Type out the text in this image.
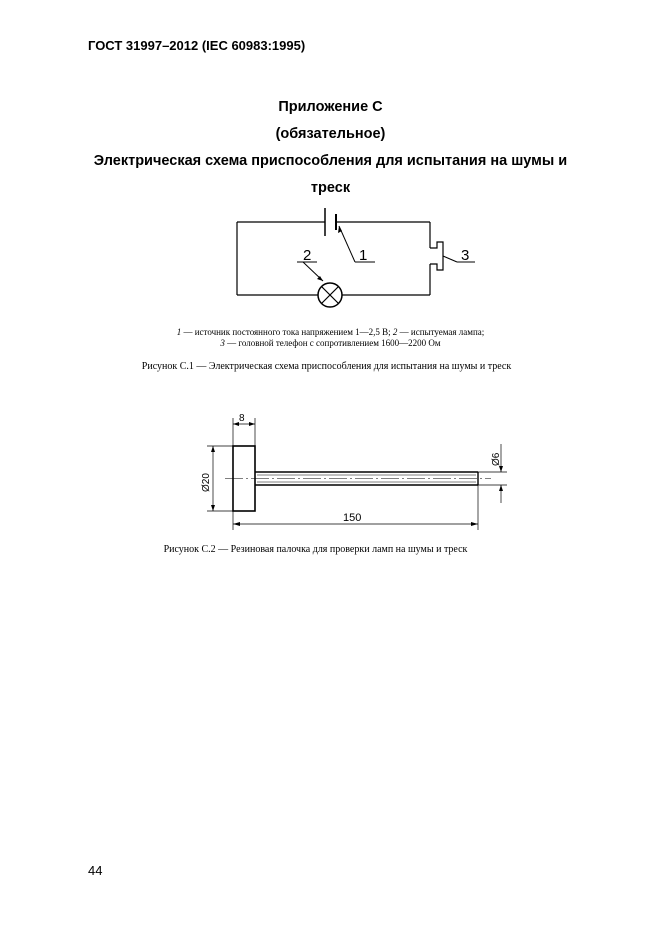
ГОСТ 31997–2012 (IEC 60983:1995)
Приложение С
(обязательное)
Электрическая схема приспособления для испытания на шумы и
треск
1
2	3
1 — источник постоянного тока напряжением 1—2,5 В; 2 — испытуемая лампа;
3 — головной телефон с сопротивлением 1600—2200 Ом
Рисунок С.1 — Электрическая схема приспособления для испытания на шумы и треск
8
Ø20
Ø6
150
Рисунок С.2 — Резиновая палочка для проверки ламп на шумы и треск
44
